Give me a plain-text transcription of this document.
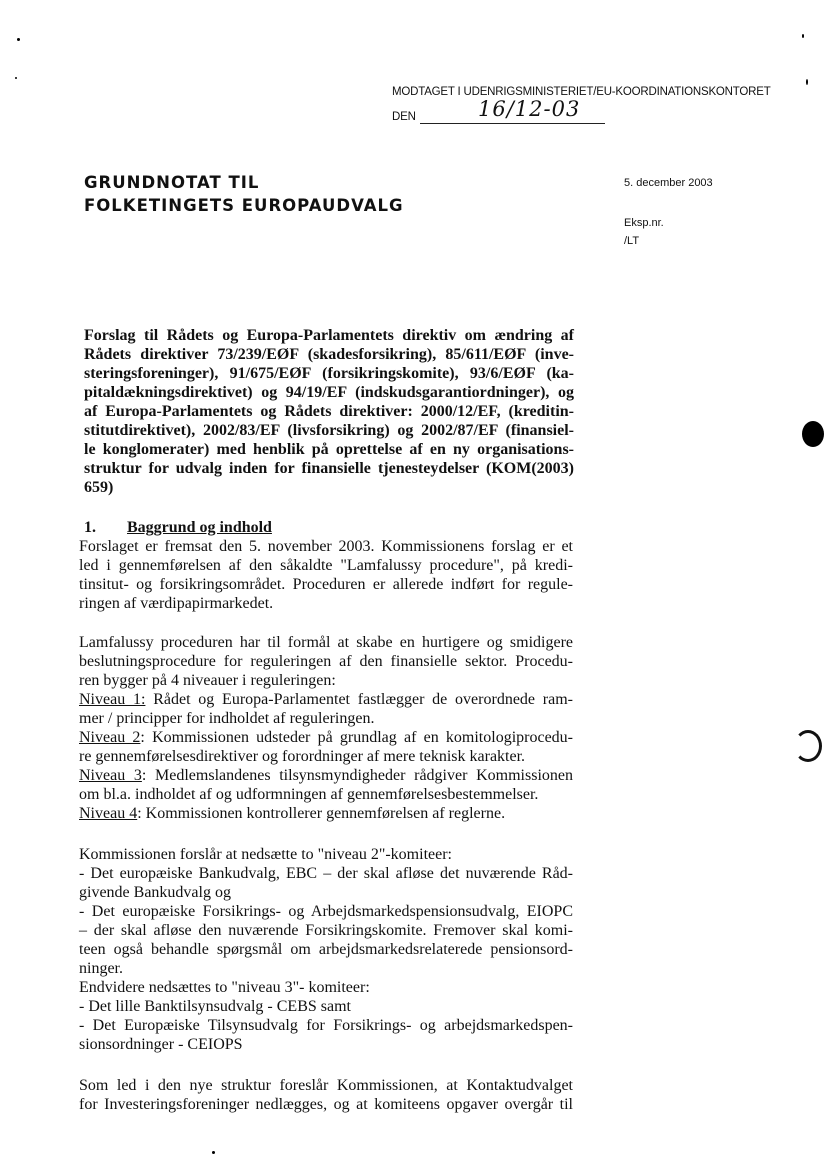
MODTAGET I UDENRIGSMINISTERIET/EU-KOORDINATIONSKONTORET
DEN	16/12-03
GRUNDNOTAT TIL
FOLKETINGETS EUROPAUDVALG
5. december 2003
Eksp.nr.
/LT
Forslag til Rådets og Europa-Parlamentets direktiv om ændring af
Rådets direktiver 73/239/EØF (skadesforsikring), 85/611/EØF (inve-
steringsforeninger), 91/675/EØF (forsikringskomite), 93/6/EØF (ka-
pitaldækningsdirektivet) og 94/19/EF (indskudsgarantiordninger), og
af Europa-Parlamentets og Rådets direktiver: 2000/12/EF, (kreditin-
stitutdirektivet), 2002/83/EF (livsforsikring) og 2002/87/EF (finansiel-
le konglomerater) med henblik på oprettelse af en ny organisations-
struktur for udvalg inden for finansielle tjenesteydelser (KOM(2003)
659)
1. Baggrund og indhold
Forslaget er fremsat den 5. november 2003. Kommissionens forslag er et
led i gennemførelsen af den såkaldte "Lamfalussy procedure", på kredi-
tinsitut- og forsikringsområdet. Proceduren er allerede indført for regule-
ringen af værdipapirmarkedet.
Lamfalussy proceduren har til formål at skabe en hurtigere og smidigere
beslutningsprocedure for reguleringen af den finansielle sektor. Procedu-
ren bygger på 4 niveauer i reguleringen:
Niveau 1: Rådet og Europa-Parlamentet fastlægger de overordnede ram-
mer / principper for indholdet af reguleringen.
Niveau 2: Kommissionen udsteder på grundlag af en komitologiprocedu-
re gennemførelsesdirektiver og forordninger af mere teknisk karakter.
Niveau 3: Medlemslandenes tilsynsmyndigheder rådgiver Kommissionen
om bl.a. indholdet af og udformningen af gennemførelsesbestemmelser.
Niveau 4: Kommissionen kontrollerer gennemførelsen af reglerne.
Kommissionen forslår at nedsætte to "niveau 2"-komiteer:
- Det europæiske Bankudvalg, EBC – der skal afløse det nuværende Råd-
givende Bankudvalg og
- Det europæiske Forsikrings- og Arbejdsmarkedspensionsudvalg, EIOPC
– der skal afløse den nuværende Forsikringskomite. Fremover skal komi-
teen også behandle spørgsmål om arbejdsmarkedsrelaterede pensionsord-
ninger.
Endvidere nedsættes to "niveau 3"- komiteer:
- Det lille Banktilsynsudvalg - CEBS samt
- Det Europæiske Tilsynsudvalg for Forsikrings- og arbejdsmarkedspen-
sionsordninger - CEIOPS
Som led i den nye struktur foreslår Kommissionen, at Kontaktudvalget
for Investeringsforeninger nedlægges, og at komiteens opgaver overgår til
